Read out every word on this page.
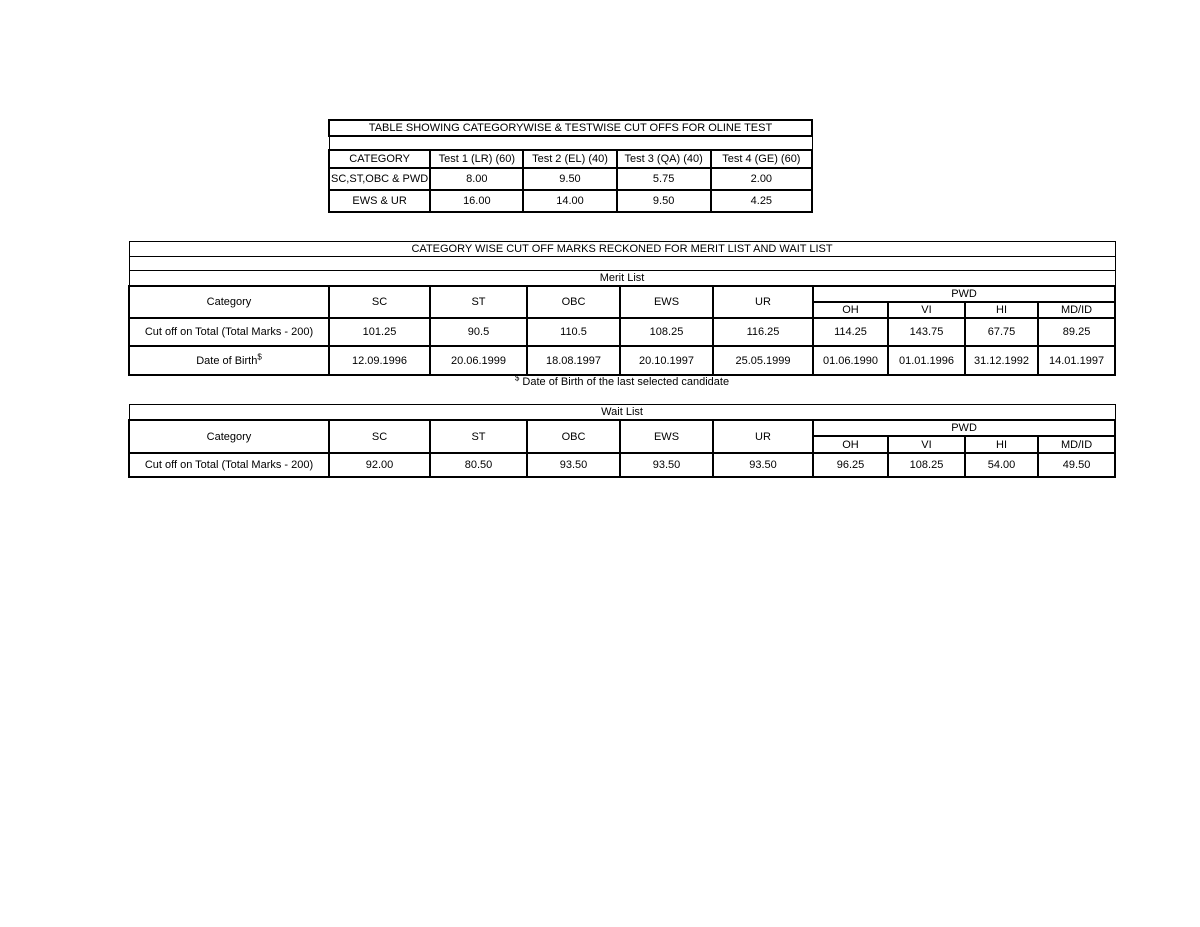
TABLE SHOWING CATEGORYWISE & TESTWISE CUT OFFS FOR OLINE TEST				

CATEGORY	Test 1 (LR) (60)	Test 2 (EL) (40)	Test 3 (QA) (40)	Test 4 (GE) (60)
SC,ST,OBC & PWD	8.00	9.50	5.75	2.00
EWS & UR	16.00	14.00	9.50	4.25
CATEGORY WISE CUT OFF MARKS RECKONED FOR MERIT LIST AND WAIT LIST									

Merit List									
Category	SC	ST	OBC	EWS	UR	PWD			
						OH	VI	HI	MD/ID
Cut off on Total (Total Marks - 200)	101.25	90.5	110.5	108.25	116.25	114.25	143.75	67.75	89.25
Date of Birth$	12.09.1996	20.06.1999	18.08.1997	20.10.1997	25.05.1999	01.06.1990	01.01.1996	31.12.1992	14.01.1997
$ Date of Birth of the last selected candidate
Wait List									
Category	SC	ST	OBC	EWS	UR	PWD			
						OH	VI	HI	MD/ID
Cut off on Total (Total Marks - 200)	92.00	80.50	93.50	93.50	93.50	96.25	108.25	54.00	49.50
